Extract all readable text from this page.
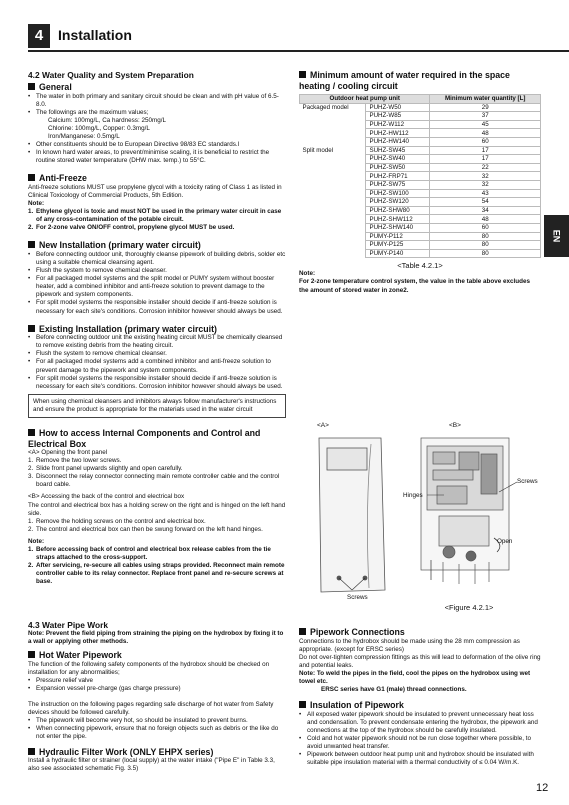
4	Installation
EN
4.2 Water Quality and System Preparation
General
• The water in both primary and sanitary circuit should be clean and with pH value of 6.5-8.0.
• The followings are the maximum values;
Calcium: 100mg/L, Ca hardness: 250mg/L
Chlorine: 100mg/L, Copper: 0.3mg/L
Iron/Manganese: 0.5mg/L
• Other constituents should be to European Directive 98/83 EC standards.l
• In known hard water areas, to prevent/minimise scaling, it is beneficial to restrict the routine stored water temperature (DHW max. temp.) to 55°C.
Anti-Freeze
Anti-freeze solutions MUST use propylene glycol with a toxicity rating of Class 1 as listed in Clinical Toxicology of Commercial Products, 5th Edition.
Note:
1. Ethylene glycol is toxic and must NOT be used in the primary water circuit in case of any cross-contamination of the potable circuit.
2. For 2-zone valve ON/OFF control, propylene glycol MUST be used.
New Installation (primary water circuit)
• Before connecting outdoor unit, thoroughly cleanse pipework of building debris, solder etc using a suitable chemical cleansing agent.
• Flush the system to remove chemical cleanser.
• For all packaged model systems and the split model or PUMY system without booster heater, add a combined inhibitor and anti-freeze solution to prevent damage to the pipework and system components.
• For split model systems the responsible installer should decide if anti-freeze solution is necessary for each site's conditions. Corrosion inhibitor however should always be used.
Existing Installation (primary water circuit)
• Before connecting outdoor unit the existing heating circuit MUST be chemically cleansed to remove existing debris from the heating circuit.
• Flush the system to remove chemical cleanser.
• For all packaged model systems add a combined inhibitor and anti-freeze solution to prevent damage to the pipework and system components.
• For split model systems the responsible installer should decide if anti-freeze solution is necessary for each site's conditions. Corrosion inhibitor however should always be used.
When using chemical cleansers and inhibitors always follow manufacturer's instructions and ensure the product is appropriate for the materials used in the water circuit
How to access Internal Components and Control and Electrical Box
<A> Opening the front panel
1. Remove the two lower screws.
2. Slide front panel upwards slightly and open carefully.
3. Disconnect the relay connector connecting main remote controller cable and the control board cable.
<B> Accessing the back of the control and electrical box
The control and electrical box has a holding screw on the right and is hinged on the left hand side.
1. Remove the holding screws on the control and electrical box.
2. The control and electrical box can then be swung forward on the left hand hinges.
Note:
1. Before accessing back of control and electrical box release cables from the tie straps attached to the cross-support.
2. After servicing, re-secure all cables using straps provided. Reconnect main remote controller cable to its relay connector. Replace front panel and re-secure screws at base.
Minimum amount of water required in the space heating / cooling circuit
Outdoor heat pump unit		Minimum water quantity [L]
Packaged model	PUHZ-W50	29
	PUHZ-W85	37
	PUHZ-W112	45
	PUHZ-HW112	48
	PUHZ-HW140	60
Split model	SUHZ-SW45	17
	PUHZ-SW40	17
	PUHZ-SW50	22
	PUHZ-FRP71	32
	PUHZ-SW75	32
	PUHZ-SW100	43
	PUHZ-SW120	54
	PUHZ-SHW80	34
	PUHZ-SHW112	48
	PUHZ-SHW140	60
	PUMY-P112	80
	PUMY-P125	80
	PUMY-P140	80
<Table 4.2.1>
Note:
For 2-zone temperature control system, the value in the table above excludes the amount of stored water in zone2.
<A>	<B>
Screws
Hinges
Screws
Open
<Figure 4.2.1>
4.3 Water Pipe Work
Note: Prevent the field piping from straining the piping on the hydrobox by fixing it to a wall or applying other methods.
Hot Water Pipework
The function of the following safety components of the hydrobox should be checked on installation for any abnormalities;
• Pressure relief valve
• Expansion vessel pre-charge (gas charge pressure)
The instruction on the following pages regarding safe discharge of hot water from Safety devices should be followed carefully.
• The pipework will become very hot, so should be insulated to prevent burns.
• When connecting pipework, ensure that no foreign objects such as debris or the like do not enter the pipe.
Hydraulic Filter Work (ONLY EHPX series)
Install a hydraulic filter or strainer (local supply) at the water intake ("Pipe E" in Table 3.3, also see associated schematic Fig. 3.5)
Pipework Connections
Connections to the hydrobox should be made using the 28 mm compression as appropriate. (except for ERSC series)
Do not over-tighten compression fittings as this will lead to deformation of the olive ring and potential leaks.
Note: To weld the pipes in the field, cool the pipes on the hydrobox using wet towel etc.
ERSC series have G1 (male) thread connections.
Insulation of Pipework
• All exposed water pipework should be insulated to prevent unnecessary heat loss and condensation. To prevent condensate entering the hydrobox, the pipework and connections at the top of the hydrobox should be carefully insulated.
• Cold and hot water pipework should not be run close together where possible, to avoid unwanted heat transfer.
• Pipework between outdoor heat pump unit and hydrobox should be insulated with suitable pipe insulation material with a thermal conductivity of ≤ 0.04 W/m.K.
12
